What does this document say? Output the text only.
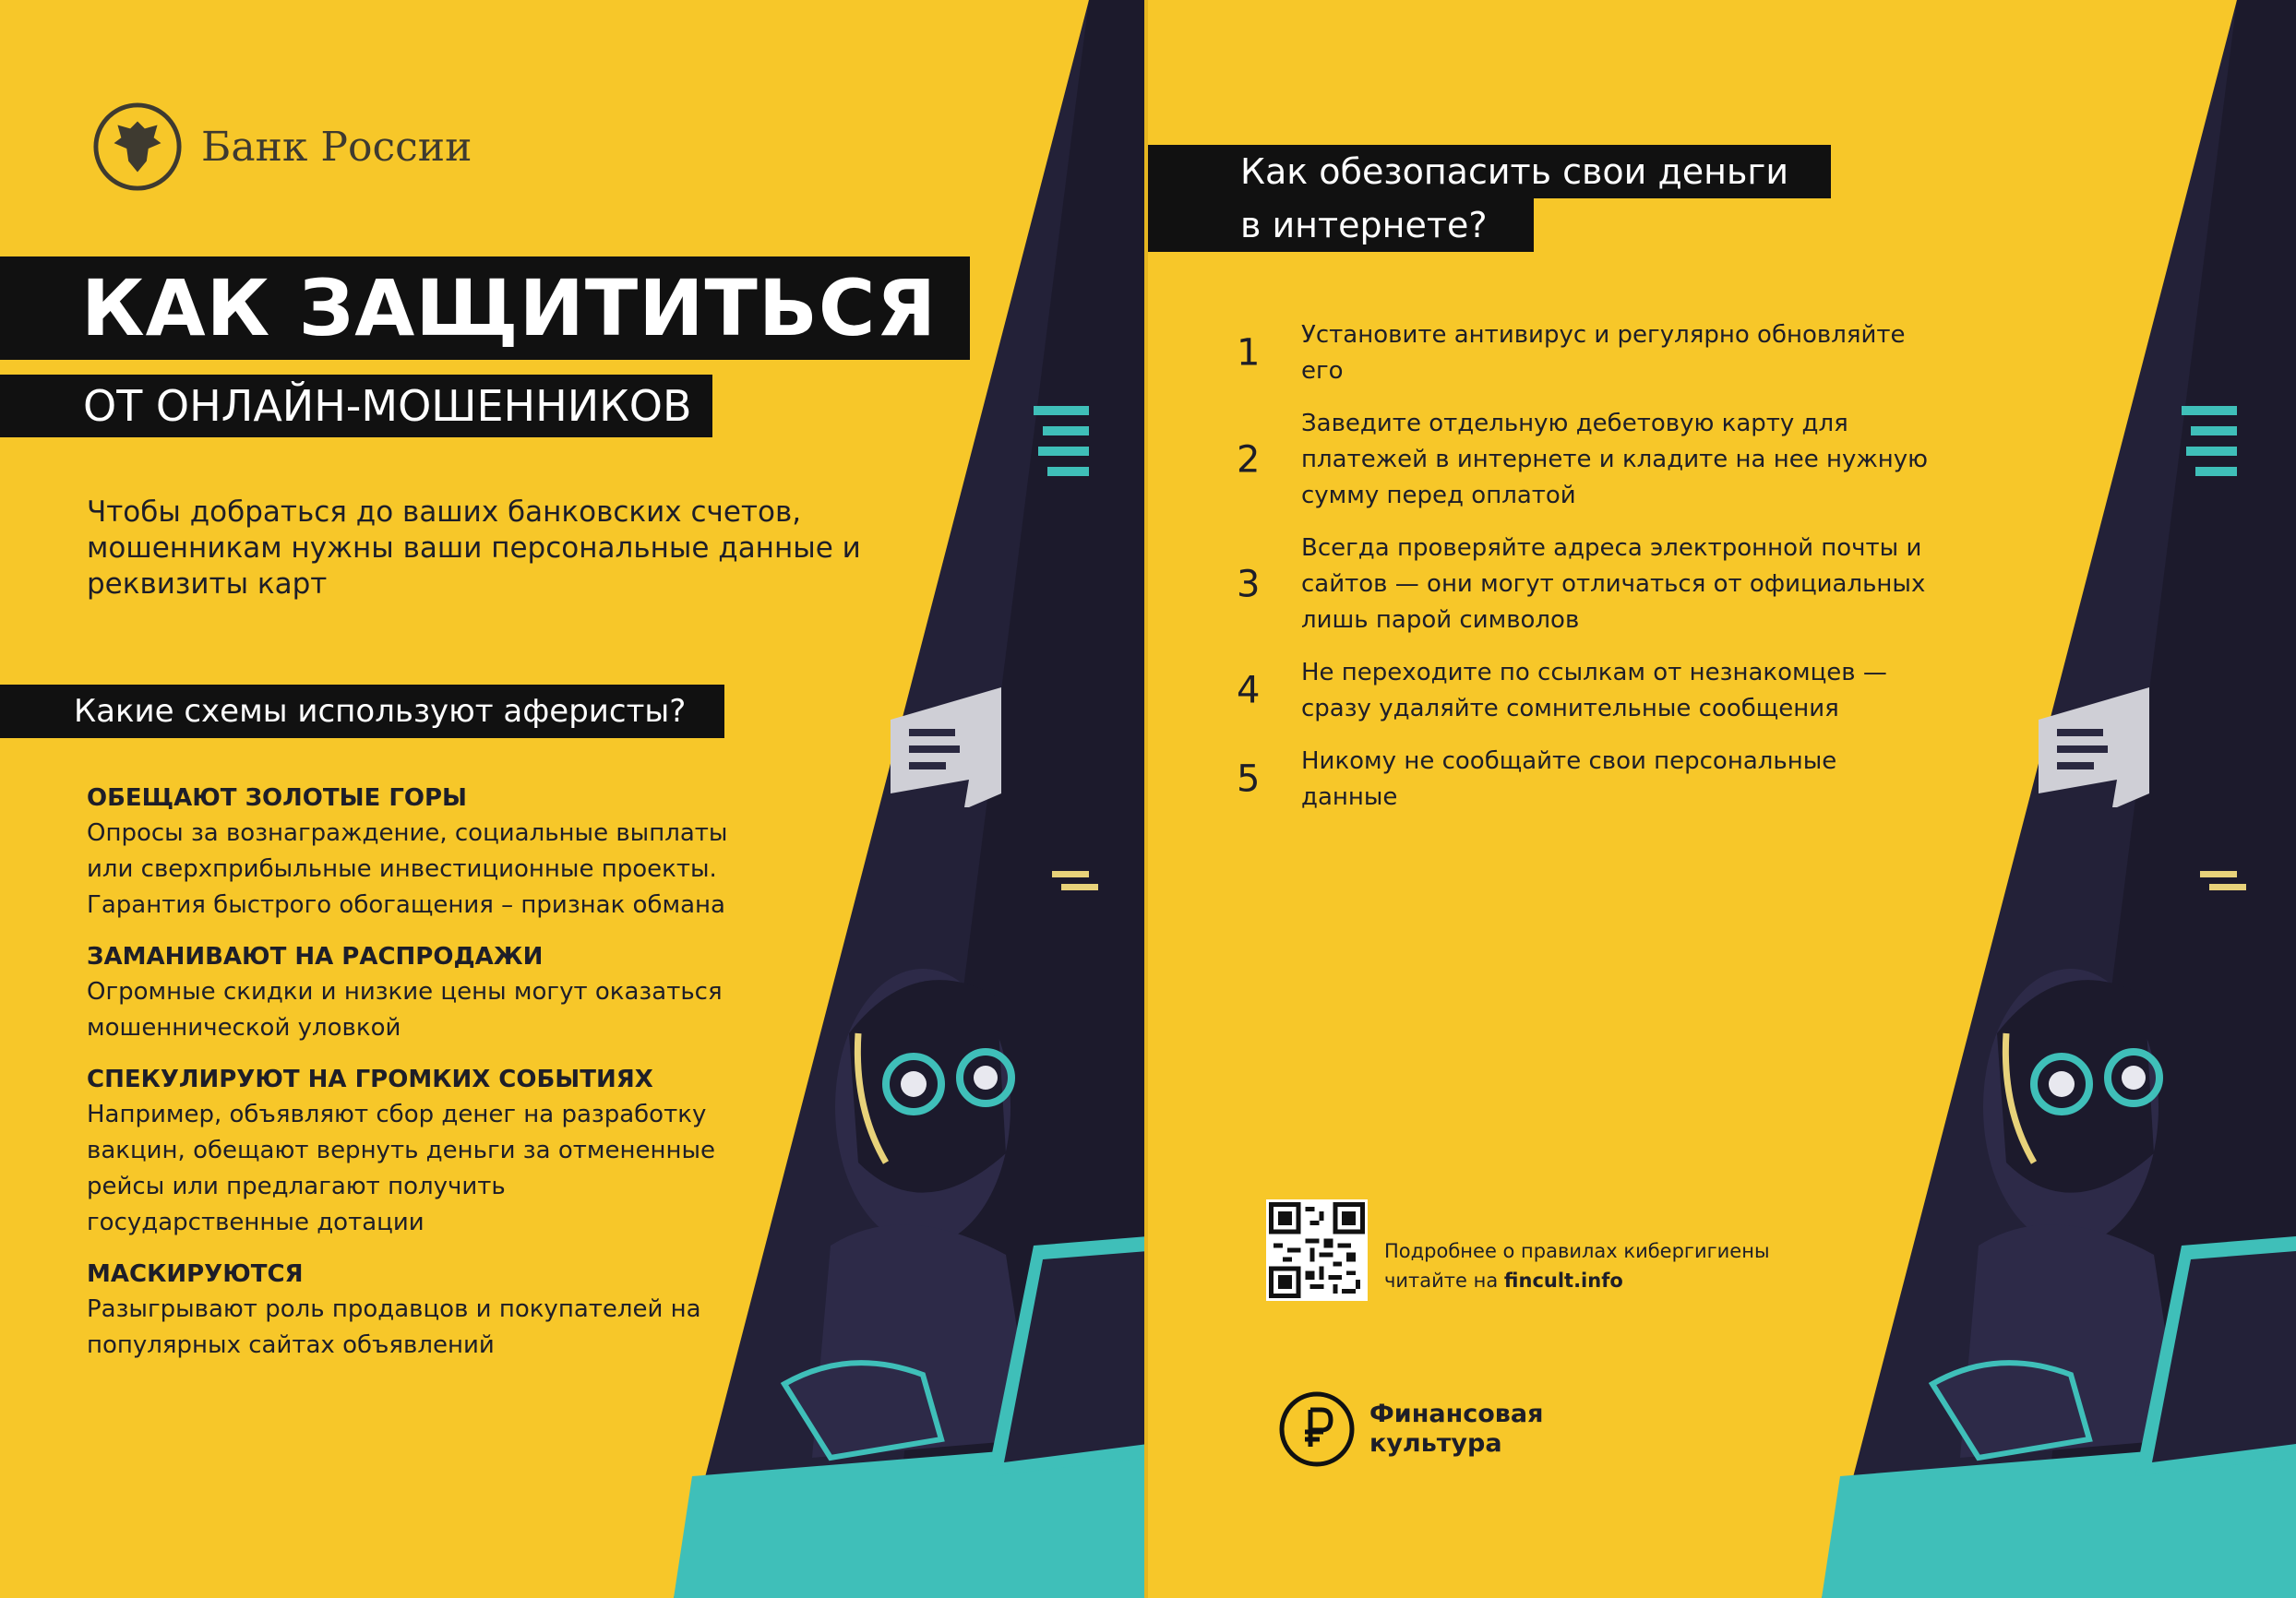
Банк России
КАК ЗАЩИТИТЬСЯ
ОТ ОНЛАЙН-МОШЕННИКОВ
Чтобы добраться до ваших банковских счетов, мошенникам нужны ваши персональные данные и реквизиты карт
Какие схемы используют аферисты?
ОБЕЩАЮТ ЗОЛОТЫЕ ГОРЫ
Опросы за вознаграждение, социальные выплаты или сверхприбыльные инвестиционные проекты. Гарантия быстрого обогащения – признак обмана
ЗАМАНИВАЮТ НА РАСПРОДАЖИ
Огромные скидки и низкие цены могут оказаться мошеннической уловкой
СПЕКУЛИРУЮТ НА ГРОМКИХ СОБЫТИЯХ
Например, объявляют сбор денег на разработку вакцин, обещают вернуть деньги за отмененные рейсы или предлагают получить государственные дотации
МАСКИРУЮТСЯ
Разыгрывают роль продавцов и покупателей на популярных сайтах объявлений
Как обезопасить свои деньги
в интернете?
1 Установите антивирус и регулярно обновляйте его
2
Заведите отдельную дебетовую карту для платежей в интернете и кладите на нее нужную сумму перед оплатой
3
Всегда проверяйте адреса электронной почты и сайтов — они могут отличаться от официальных лишь парой символов
4 Не переходите по ссылкам от незнакомцев — сразу удаляйте сомнительные сообщения
5 Никому не сообщайте свои персональные данные
Подробнее о правилах кибергигиены
читайте на fincult.info
Финансовая
культура
